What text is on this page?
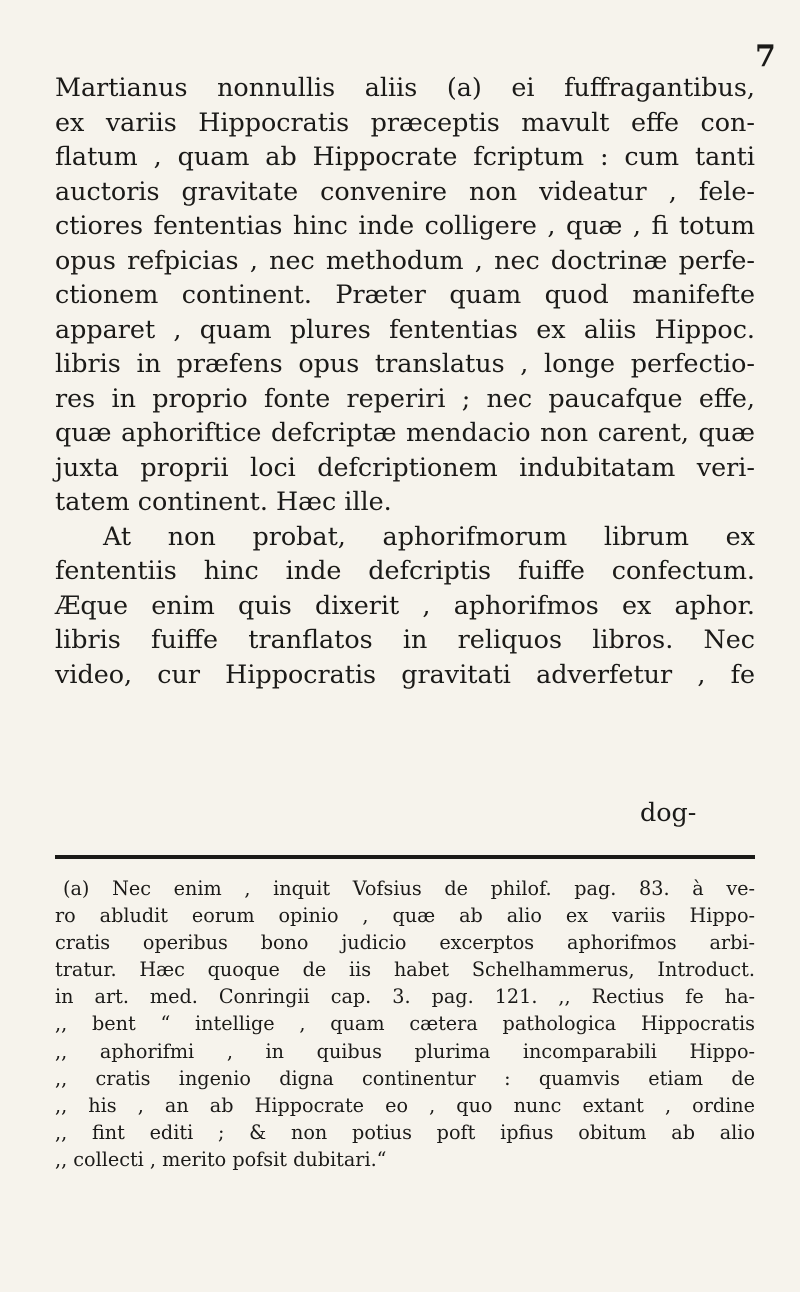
7
Martianus nonnullis aliis (a) ei fuffragantibus,
ex variis Hippocratis præceptis mavult effe con-
flatum , quam ab Hippocrate fcriptum : cum tanti
auctoris gravitate convenire non videatur , fele-
ctiores fententias hinc inde colligere , quæ , fi totum
opus refpicias , nec methodum , nec doctrinæ perfe-
ctionem continent. Præter quam quod manifefte
apparet , quam plures fententias ex aliis Hippoc.
libris in præfens opus translatus , longe perfectio-
res in proprio fonte reperiri ; nec paucafque effe,
quæ aphoriftice defcriptæ mendacio non carent, quæ
juxta proprii loci defcriptionem indubitatam veri-
tatem continent. Hæc ille.
At non probat, aphorifmorum librum ex
fententiis hinc inde defcriptis fuiffe confectum.
Æque enim quis dixerit , aphorifmos ex aphor.
libris fuiffe tranflatos in reliquos libros. Nec
video, cur Hippocratis gravitati adverfetur , fe
dog-
(a) Nec enim , inquit Vofsius de philof. pag. 83. à ve-
ro abludit eorum opinio , quæ ab alio ex variis Hippo-
cratis operibus bono judicio excerptos aphorifmos arbi-
tratur. Hæc quoque de iis habet Schelhammerus, Introduct.
in art. med. Conringii cap. 3. pag. 121. ,, Rectius fe ha-
,, bent “ intellige , quam cætera pathologica Hippocratis
,, aphorifmi , in quibus plurima incomparabili Hippo-
,, cratis ingenio digna continentur : quamvis etiam de
,, his , an ab Hippocrate eo , quo nunc extant , ordine
,, fint editi ; & non potius poft ipfius obitum ab alio
,, collecti , merito pofsit dubitari.“
